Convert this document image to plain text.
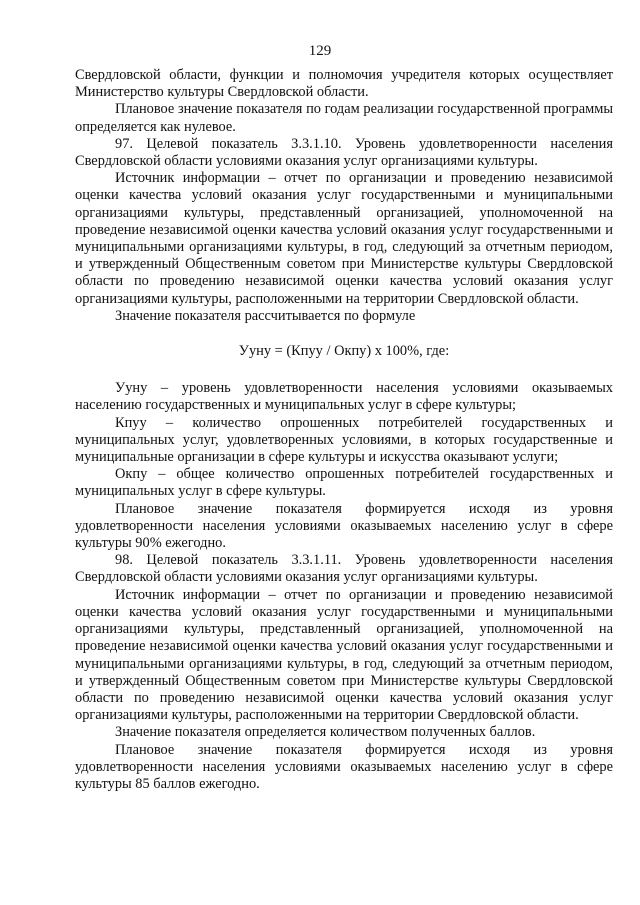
129

Свердловской области, функции и полномочия учредителя которых осуществляет Министерство культуры Свердловской области.

Плановое значение показателя по годам реализации государственной программы определяется как нулевое.

97. Целевой показатель 3.3.1.10. Уровень удовлетворенности населения Свердловской области условиями оказания услуг организациями культуры.

Источник информации – отчет по организации и проведению независимой оценки качества условий оказания услуг государственными и муниципальными организациями культуры, представленный организацией, уполномоченной на проведение независимой оценки качества условий оказания услуг государственными и муниципальными организациями культуры, в год, следующий за отчетным периодом, и утвержденный Общественным советом при Министерстве культуры Свердловской области по проведению независимой оценки качества условий оказания услуг организациями культуры, расположенными на территории Свердловской области.

Значение показателя рассчитывается по формуле

Ууну = (Кпуу / Окпу) х 100%, где:

Ууну – уровень удовлетворенности населения условиями оказываемых населению государственных и муниципальных услуг в сфере культуры;

Кпуу – количество опрошенных потребителей государственных и муниципальных услуг, удовлетворенных условиями, в которых государственные и муниципальные организации в сфере культуры и искусства оказывают услуги;

Окпу – общее количество опрошенных потребителей государственных и муниципальных услуг в сфере культуры.

Плановое значение показателя формируется исходя из уровня удовлетворенности населения условиями оказываемых населению услуг в сфере культуры 90% ежегодно.

98. Целевой показатель 3.3.1.11. Уровень удовлетворенности населения Свердловской области условиями оказания услуг организациями культуры.

Источник информации – отчет по организации и проведению независимой оценки качества условий оказания услуг государственными и муниципальными организациями культуры, представленный организацией, уполномоченной на проведение независимой оценки качества условий оказания услуг государственными и муниципальными организациями культуры, в год, следующий за отчетным периодом, и утвержденный Общественным советом при Министерстве культуры Свердловской области по проведению независимой оценки качества условий оказания услуг организациями культуры, расположенными на территории Свердловской области.

Значение показателя определяется количеством полученных баллов.

Плановое значение показателя формируется исходя из уровня удовлетворенности населения условиями оказываемых населению услуг в сфере культуры 85 баллов ежегодно.
